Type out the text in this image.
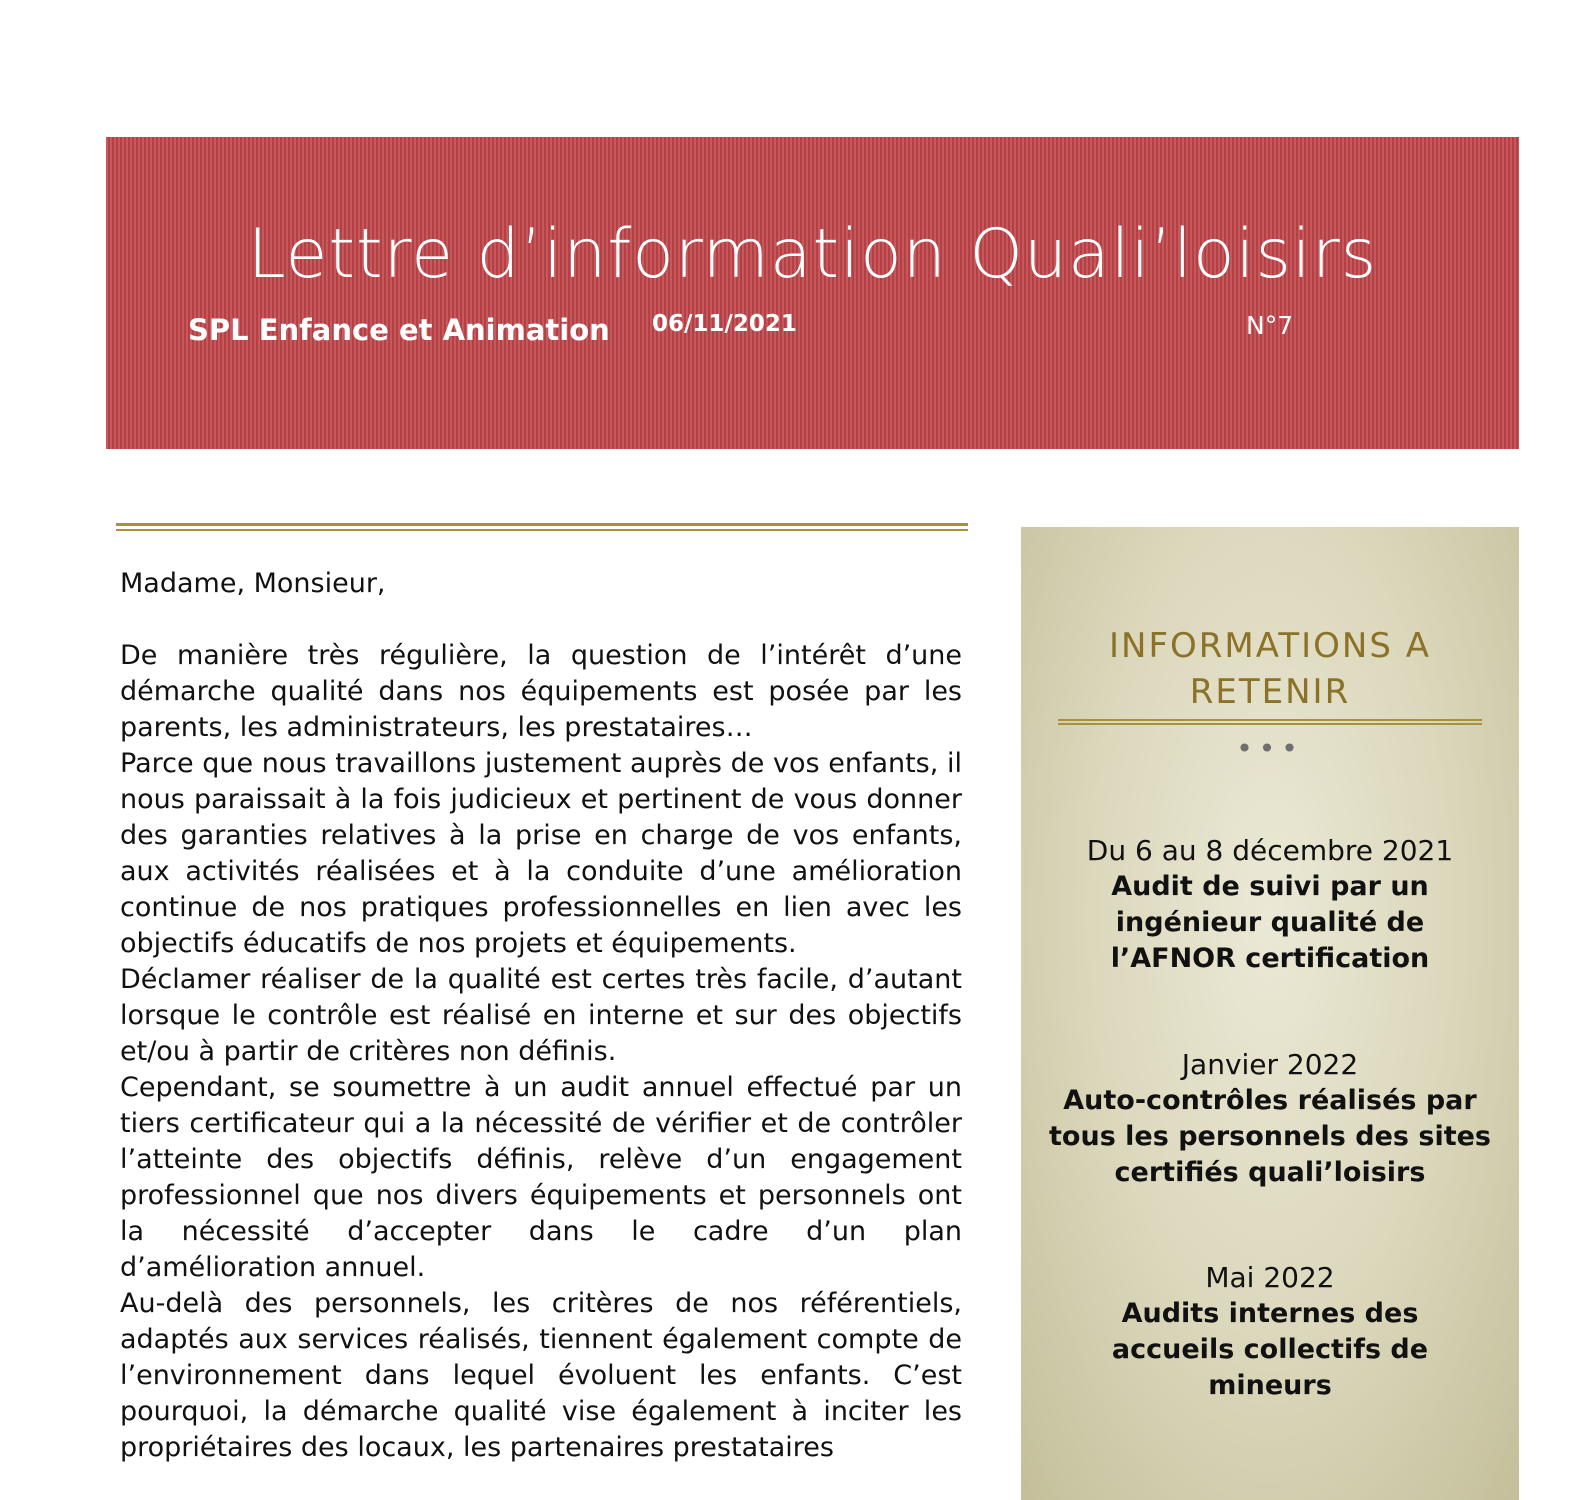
Lettre d’information Quali’loisirs
SPL Enfance et Animation 06/11/2021	N°7

Madame, Monsieur,

De manière très régulière, la question de l’intérêt d’une démarche qualité dans nos équipements est posée par les parents, les administrateurs, les prestataires…

Parce que nous travaillons justement auprès de vos enfants, il nous paraissait à la fois judicieux et pertinent de vous donner des garanties relatives à la prise en charge de vos enfants, aux activités réalisées et à la conduite d’une amélioration continue de nos pratiques professionnelles en lien avec les objectifs éducatifs de nos projets et équipements.

Déclamer réaliser de la qualité est certes très facile, d’autant lorsque le contrôle est réalisé en interne et sur des objectifs et/ou à partir de critères non définis.

Cependant, se soumettre à un audit annuel effectué par un tiers certificateur qui a la nécessité de vérifier et de contrôler l’atteinte des objectifs définis, relève d’un engagement professionnel que nos divers équipements et personnels ont la nécessité d’accepter dans le cadre d’un plan d’amélioration annuel.

Au-delà des personnels, les critères de nos référentiels, adaptés aux services réalisés, tiennent également compte de l’environnement dans lequel évoluent les enfants. C’est pourquoi, la démarche qualité vise également à inciter les propriétaires des locaux, les partenaires prestataires

INFORMATIONS A RETENIR
•••
Du 6 au 8 décembre 2021
Audit de suivi par un ingénieur qualité de l’AFNOR certification
Janvier 2022
Auto-contrôles réalisés par tous les personnels des sites certifiés quali’loisirs
Mai 2022
Audits internes des accueils collectifs de mineurs
